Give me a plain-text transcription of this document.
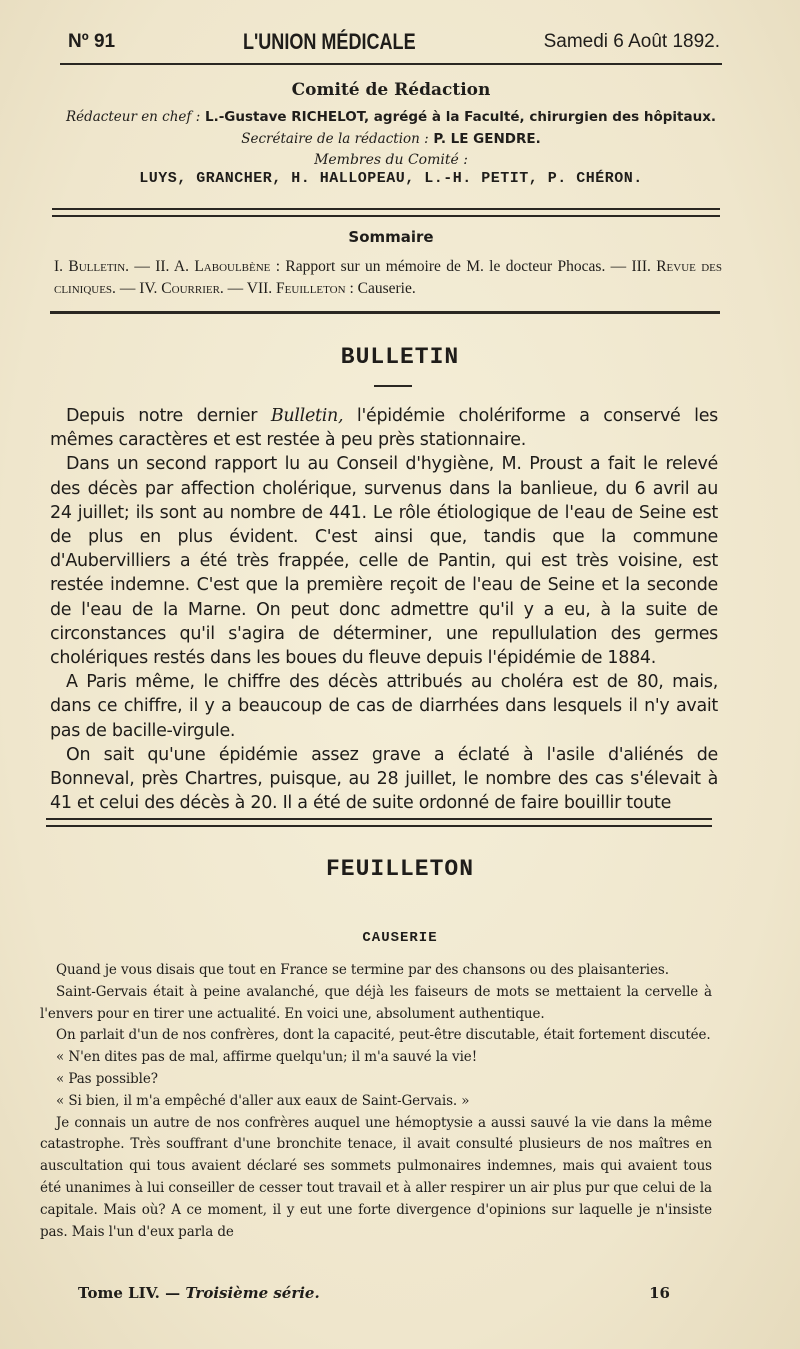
Nº 91	L'UNION MÉDICALE	Samedi 6 Août 1892.
Comité de Rédaction
Rédacteur en chef : L.-Gustave RICHELOT, agrégé à la Faculté, chirurgien des hôpitaux.
Secrétaire de la rédaction : P. LE GENDRE.
Membres du Comité :
LUYS, GRANCHER, H. HALLOPEAU, L.-H. PETIT, P. CHÉRON.
Sommaire
I. Bulletin. — II. A. Laboulbène : Rapport sur un mémoire de M. le docteur Phocas. — III. Revue des cliniques. — IV. Courrier. — VII. Feuilleton : Causerie.
BULLETIN

Depuis notre dernier Bulletin, l'épidémie cholériforme a conservé les mêmes caractères et est restée à peu près stationnaire.

Dans un second rapport lu au Conseil d'hygiène, M. Proust a fait le relevé des décès par affection cholérique, survenus dans la banlieue, du 6 avril au 24 juillet; ils sont au nombre de 441. Le rôle étiologique de l'eau de Seine est de plus en plus évident. C'est ainsi que, tandis que la commune d'Aubervilliers a été très frappée, celle de Pantin, qui est très voisine, est restée indemne. C'est que la première reçoit de l'eau de Seine et la seconde de l'eau de la Marne. On peut donc admettre qu'il y a eu, à la suite de circonstances qu'il s'agira de déterminer, une repullulation des germes cholériques restés dans les boues du fleuve depuis l'épidémie de 1884.

A Paris même, le chiffre des décès attribués au choléra est de 80, mais, dans ce chiffre, il y a beaucoup de cas de diarrhées dans lesquels il n'y avait pas de bacille-virgule.

On sait qu'une épidémie assez grave a éclaté à l'asile d'aliénés de Bonneval, près Chartres, puisque, au 28 juillet, le nombre des cas s'élevait à 41 et celui des décès à 20. Il a été de suite ordonné de faire bouillir toute

FEUILLETON
CAUSERIE

Quand je vous disais que tout en France se termine par des chansons ou des plaisanteries.

Saint-Gervais était à peine avalanché, que déjà les faiseurs de mots se mettaient la cervelle à l'envers pour en tirer une actualité. En voici une, absolument authentique.

On parlait d'un de nos confrères, dont la capacité, peut-être discutable, était fortement discutée.

« N'en dites pas de mal, affirme quelqu'un; il m'a sauvé la vie!

« Pas possible?

« Si bien, il m'a empêché d'aller aux eaux de Saint-Gervais. »

Je connais un autre de nos confrères auquel une hémoptysie a aussi sauvé la vie dans la même catastrophe. Très souffrant d'une bronchite tenace, il avait consulté plusieurs de nos maîtres en auscultation qui tous avaient déclaré ses sommets pulmonaires indemnes, mais qui avaient tous été unanimes à lui conseiller de cesser tout travail et à aller respirer un air plus pur que celui de la capitale. Mais où? A ce moment, il y eut une forte divergence d'opinions sur laquelle je n'insiste pas. Mais l'un d'eux parla de

Tome LIV. — Troisième série.	16
